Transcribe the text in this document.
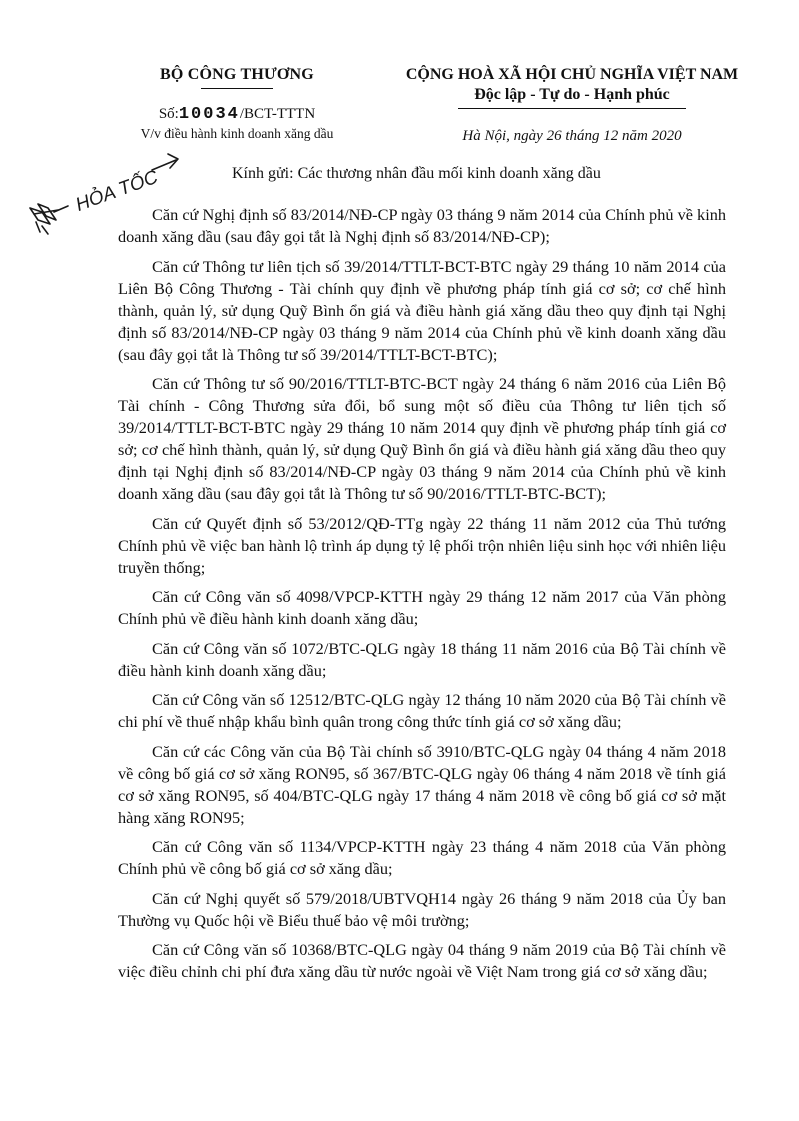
BỘ CÔNG THƯƠNG
Số:10034/BCT-TTTN
V/v điều hành kinh doanh xăng dầu
CỘNG HOÀ XÃ HỘI CHỦ NGHĨA VIỆT NAM
Độc lập - Tự do - Hạnh phúc
Hà Nội, ngày 26 tháng 12 năm 2020
HỎA TỐC	Kính gửi: Các thương nhân đầu mối kinh doanh xăng dầu

Căn cứ Nghị định số 83/2014/NĐ-CP ngày 03 tháng 9 năm 2014 của Chính phủ về kinh doanh xăng dầu (sau đây gọi tắt là Nghị định số 83/2014/NĐ-CP);

Căn cứ Thông tư liên tịch số 39/2014/TTLT-BCT-BTC ngày 29 tháng 10 năm 2014 của Liên Bộ Công Thương - Tài chính quy định về phương pháp tính giá cơ sở; cơ chế hình thành, quản lý, sử dụng Quỹ Bình ổn giá và điều hành giá xăng dầu theo quy định tại Nghị định số 83/2014/NĐ-CP ngày 03 tháng 9 năm 2014 của Chính phủ về kinh doanh xăng dầu (sau đây gọi tắt là Thông tư số 39/2014/TTLT-BCT-BTC);

Căn cứ Thông tư số 90/2016/TTLT-BTC-BCT ngày 24 tháng 6 năm 2016 của Liên Bộ Tài chính - Công Thương sửa đổi, bổ sung một số điều của Thông tư liên tịch số 39/2014/TTLT-BCT-BTC ngày 29 tháng 10 năm 2014 quy định về phương pháp tính giá cơ sở; cơ chế hình thành, quản lý, sử dụng Quỹ Bình ổn giá và điều hành giá xăng dầu theo quy định tại Nghị định số 83/2014/NĐ-CP ngày 03 tháng 9 năm 2014 của Chính phủ về kinh doanh xăng dầu (sau đây gọi tắt là Thông tư số 90/2016/TTLT-BTC-BCT);

Căn cứ Quyết định số 53/2012/QĐ-TTg ngày 22 tháng 11 năm 2012 của Thủ tướng Chính phủ về việc ban hành lộ trình áp dụng tỷ lệ phối trộn nhiên liệu sinh học với nhiên liệu truyền thống;

Căn cứ Công văn số 4098/VPCP-KTTH ngày 29 tháng 12 năm 2017 của Văn phòng Chính phủ về điều hành kinh doanh xăng dầu;

Căn cứ Công văn số 1072/BTC-QLG ngày 18 tháng 11 năm 2016 của Bộ Tài chính về điều hành kinh doanh xăng dầu;

Căn cứ Công văn số 12512/BTC-QLG ngày 12 tháng 10 năm 2020 của Bộ Tài chính về chi phí về thuế nhập khẩu bình quân trong công thức tính giá cơ sở xăng dầu;

Căn cứ các Công văn của Bộ Tài chính số 3910/BTC-QLG ngày 04 tháng 4 năm 2018 về công bố giá cơ sở xăng RON95, số 367/BTC-QLG ngày 06 tháng 4 năm 2018 về tính giá cơ sở xăng RON95, số 404/BTC-QLG ngày 17 tháng 4 năm 2018 về công bố giá cơ sở mặt hàng xăng RON95;

Căn cứ Công văn số 1134/VPCP-KTTH ngày 23 tháng 4 năm 2018 của Văn phòng Chính phủ về công bố giá cơ sở xăng dầu;

Căn cứ Nghị quyết số 579/2018/UBTVQH14 ngày 26 tháng 9 năm 2018 của Ủy ban Thường vụ Quốc hội về Biểu thuế bảo vệ môi trường;

Căn cứ Công văn số 10368/BTC-QLG ngày 04 tháng 9 năm 2019 của Bộ Tài chính về việc điều chỉnh chi phí đưa xăng dầu từ nước ngoài về Việt Nam trong giá cơ sở xăng dầu;
